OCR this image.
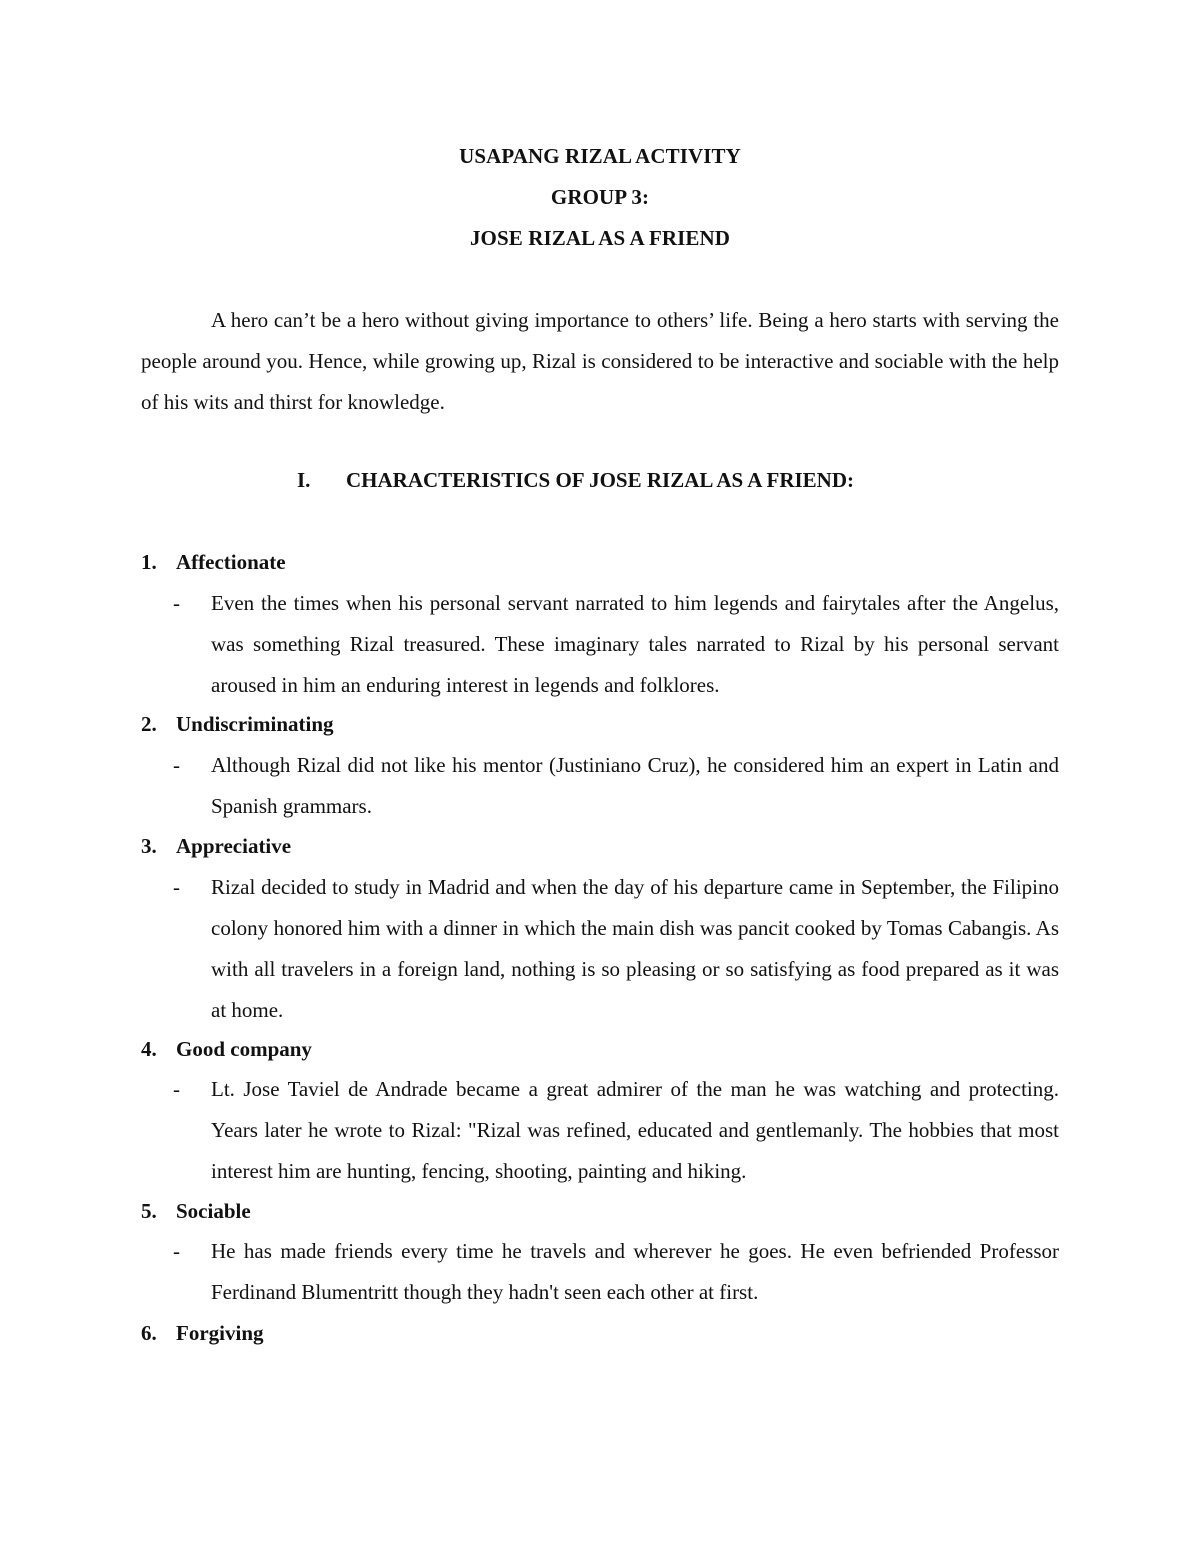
USAPANG RIZAL ACTIVITY
GROUP 3:
JOSE RIZAL AS A FRIEND
A hero can’t be a hero without giving importance to others’ life. Being a hero starts with serving the people around you. Hence, while growing up, Rizal is considered to be interactive and sociable with the help of his wits and thirst for knowledge.
I. CHARACTERISTICS OF JOSE RIZAL AS A FRIEND:
1. Affectionate
- Even the times when his personal servant narrated to him legends and fairytales after the Angelus, was something Rizal treasured. These imaginary tales narrated to Rizal by his personal servant aroused in him an enduring interest in legends and folklores.
2. Undiscriminating
- Although Rizal did not like his mentor (Justiniano Cruz), he considered him an expert in Latin and Spanish grammars.
3. Appreciative
- Rizal decided to study in Madrid and when the day of his departure came in September, the Filipino colony honored him with a dinner in which the main dish was pancit cooked by Tomas Cabangis. As with all travelers in a foreign land, nothing is so pleasing or so satisfying as food prepared as it was at home.
4. Good company
- Lt. Jose Taviel de Andrade became a great admirer of the man he was watching and protecting. Years later he wrote to Rizal: "Rizal was refined, educated and gentlemanly. The hobbies that most interest him are hunting, fencing, shooting, painting and hiking.
5. Sociable
- He has made friends every time he travels and wherever he goes. He even befriended Professor Ferdinand Blumentritt though they hadn't seen each other at first.
6. Forgiving
